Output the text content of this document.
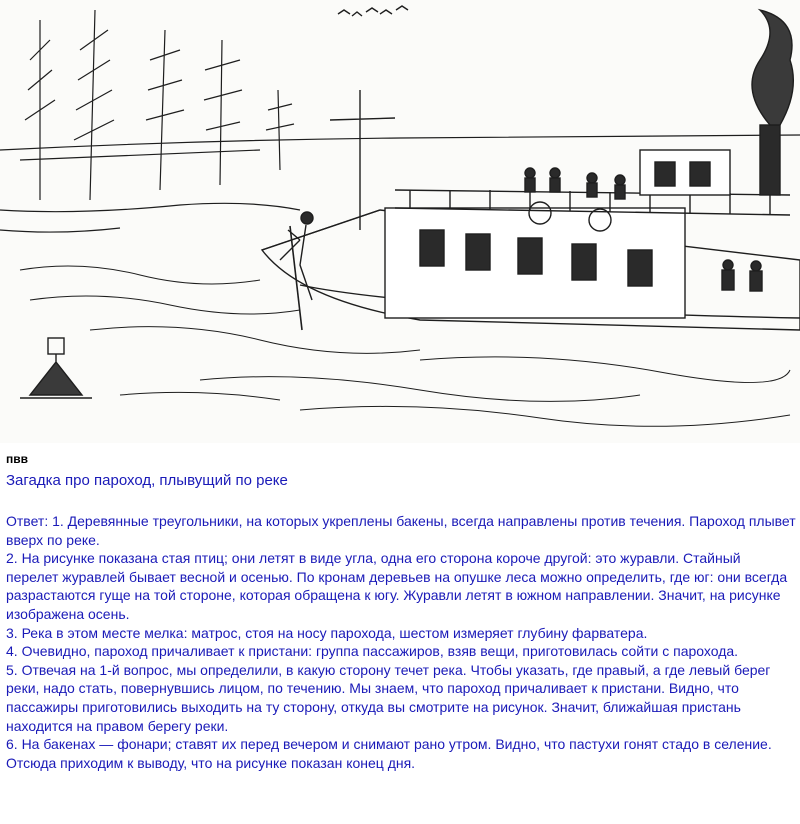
пвв
Загадка про пароход, плывущий по реке

Ответ: 1. Деревянные треугольники, на которых укреплены бакены, всегда направлены против течения. Пароход плывет вверх по реке.

2. На рисунке показана стая птиц; они летят в виде угла, одна его сторона короче другой: это журавли. Стайный перелет журавлей бывает весной и осенью. По кронам деревьев на опушке леса можно определить, где юг: они всегда разрастаются гуще на той стороне, которая обращена к югу. Журавли летят в южном направлении. Значит, на рисунке изображена осень.

3. Река в этом месте мелка: матрос, стоя на носу парохода, шестом измеряет глубину фарватера.

4. Очевидно, пароход причаливает к пристани: группа пассажиров, взяв вещи, приготовилась сойти с парохода.

5. Отвечая на 1-й вопрос, мы определили, в какую сторону течет река. Чтобы указать, где правый, а где левый берег реки, надо стать, повернувшись лицом, по течению. Мы знаем, что пароход причаливает к пристани. Видно, что пассажиры приготовились выходить на ту сторону, откуда вы смотрите на рисунок. Значит, ближайшая пристань находится на правом берегу реки.

6. На бакенах — фонари; ставят их перед вечером и снимают рано утром. Видно, что пастухи гонят стадо в селение. Отсюда приходим к выводу, что на рисунке показан конец дня.
